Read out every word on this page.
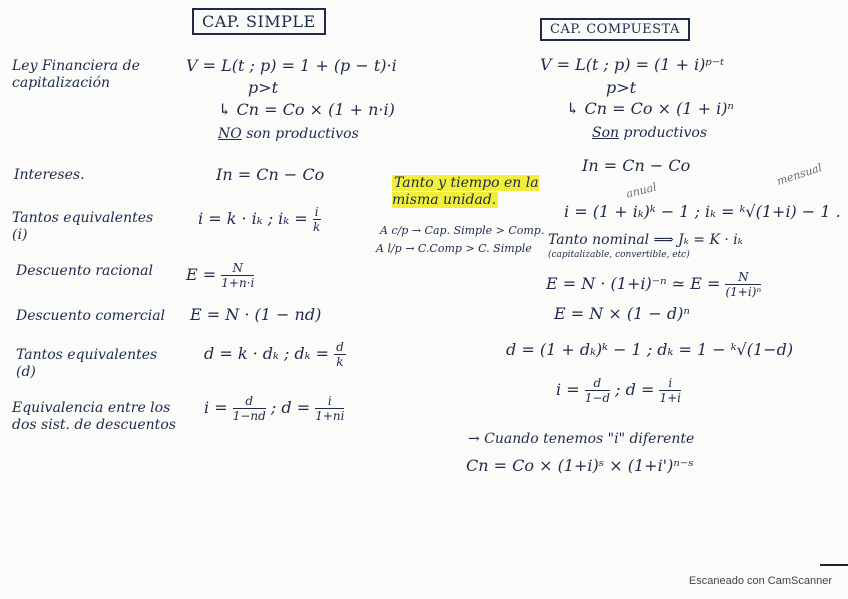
CAP. SIMPLE	CAP. COMPUESTA
Ley Financiera de capitalización
Intereses.
Tantos equivalentes (i)
Descuento racional
Descuento comercial
Tantos equivalentes (d)
Equivalencia entre los dos sist. de descuentos
V = L(t ; p) = 1 + (p − t)·i
p>t
↳ Cn = Co × (1 + n·i)
NO son productivos
In = Cn − Co
i = k · iₖ ; $i_k = \frac{i}{k}$
$E = \frac{N}{1+n\cdot i}$
E = N · (1 − nd)
d = k · dₖ ; $d_k = \frac{d}{k}$
$i = \frac{d}{1-nd}$ ; $d = \frac{i}{1+ni}$
Tanto y tiempo en la misma unidad.
A c/p → Cap. Simple > Comp.
A l/p → C.Comp > C. Simple
V = L(t ; p) = (1 + i)ᵖ⁻ᵗ
p>t
↳ Cn = Co × (1 + i)ⁿ
Son productivos
In = Cn − Co
anual
mensual
i = (1 + iₖ)ᵏ − 1 ; iₖ = ᵏ√(1+i) − 1 .
Tanto nominal ⟹ Jₖ = K · iₖ
(capitalizable, convertible, etc)
E = N · (1+i)⁻ⁿ ≃ $E = \frac{N}{\text{(1+i)ⁿ}}$
E = N × (1 − d)ⁿ
d = (1 + dₖ)ᵏ − 1 ; dₖ = 1 − ᵏ√(1−d)
$i = \frac{d}{1-d}$ ; $d = \frac{i}{1+i}$
→ Cuando tenemos "i" diferente
Cn = Co × (1+i)ˢ × (1+i')ⁿ⁻ˢ
Escaneado con CamScanner
